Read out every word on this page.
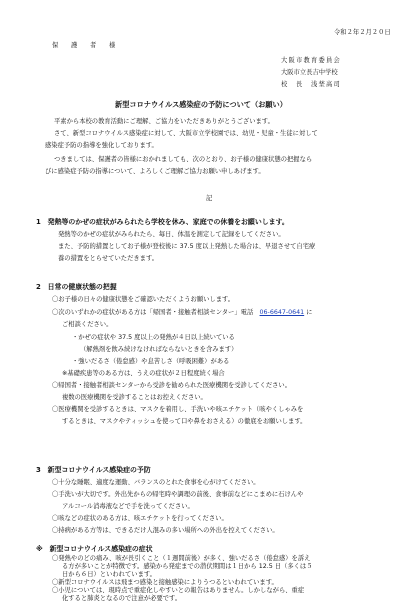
令和２年２月２０日
保　護　者　様
大阪市教育委員会
大阪市立長吉中学校
校　長　浅埜高司
新型コロナウイルス感染症の予防について（お願い）
平素から本校の教育活動にご理解、ご協力をいただきありがとうございます。
さて、新型コロナウイルス感染症に対して、大阪市立学校園では、幼児・児童・生徒に対して
感染症予防の指導を強化しております。
つきましては、保護者の皆様におかれましても、次のとおり、お子様の健康状態の把握なら
びに感染症予防の指導について、よろしくご理解ご協力お願い申しあげます。
記
1　発熱等のかぜの症状がみられたら学校を休み、家庭での休養をお願いします。
発熱等のかぜの症状がみられたら、毎日、体温を測定して記録をしてください。
また、予防的措置としてお子様が登校後に 37.5 度以上発熱した場合は、早退させて自宅療
養の措置をとらせていただきます。
2　日常の健康状態の把握
〇お子様の日々の健康状態をご確認いただくようお願いします。
〇次のいずれかの症状がある方は「帰国者・接触者相談センター」電話　06-6647-0641 に
ご相談ください。
・かぜの症状や 37.5 度以上の発熱が４日以上続いている
（解熱剤を飲み続けなければならないときを含みます）
・強いだるさ（倦怠感）や息苦しさ（呼吸困難）がある
※基礎疾患等のある方は、うえの症状が２日程度続く場合
〇帰国者・接触者相談センターから受診を勧められた医療機関を受診してください。
複数の医療機関を受診することはお控えください。
〇医療機関を受診するときは、マスクを着用し、手洗いや咳エチケット（咳やくしゃみを
するときは、マスクやティッシュを使って口や鼻をおさえる）の徹底をお願いします。
3　新型コロナウイルス感染症の予防
〇十分な睡眠、適度な運動、バランスのとれた食事を心がけてください。
〇手洗いが大切です。外出先からの帰宅時や調理の前後、食事前などにこまめに石けんや
アルコール消毒液などで手を洗ってください。
〇咳などの症状のある方は、咳エチケットを行ってください。
〇持病がある方等は、できるだけ人混みの多い場所への外出を控えてください。
※　新型コロナウイルス感染症の症状
〇発熱やのどの痛み、咳が長引くこと（１週間前後）が多く、強いだるさ（倦怠感）を訴え
る方が多いことが特徴です。感染から発症までの潜伏期間は１日から 12.5 日（多くは５
日から６日）といわれています。
〇新型コロナウイルスは飛まつ感染と接触感染によりうつるといわれています。
〇小児については、現時点で重症化しやすいとの報告はありません。しかしながら、重症
化すると肺炎となるので注意が必要です。
